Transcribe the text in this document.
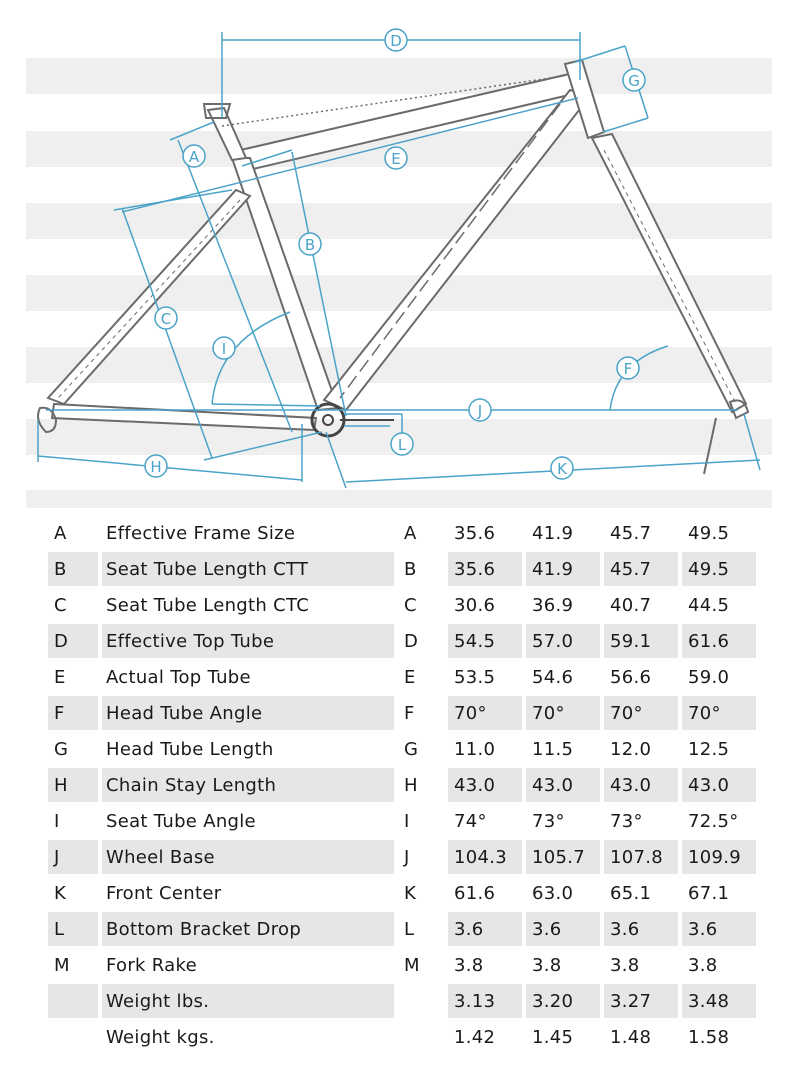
D
G
A	E
B
C
I
F
J
L
H	K
A	Effective Frame Size	A	35.6	41.9	45.7	49.5
B	Seat Tube Length CTT	B	35.6	41.9	45.7	49.5
C	Seat Tube Length CTC	C	30.6	36.9	40.7	44.5
D	Effective Top Tube	D	54.5	57.0	59.1	61.6
E	Actual Top Tube	E	53.5	54.6	56.6	59.0
F	Head Tube Angle	F	70°	70°	70°	70°
G	Head Tube Length	G	11.0	11.5	12.0	12.5
H	Chain Stay Length	H	43.0	43.0	43.0	43.0
I	Seat Tube Angle	I	74°	73°	73°	72.5°
J	Wheel Base	J	104.3	105.7	107.8	109.9
K	Front Center	K	61.6	63.0	65.1	67.1
L	Bottom Bracket Drop	L	3.6	3.6	3.6	3.6
M	Fork Rake	M	3.8	3.8	3.8	3.8
	Weight lbs.		3.13	3.20	3.27	3.48
	Weight kgs.		1.42	1.45	1.48	1.58
